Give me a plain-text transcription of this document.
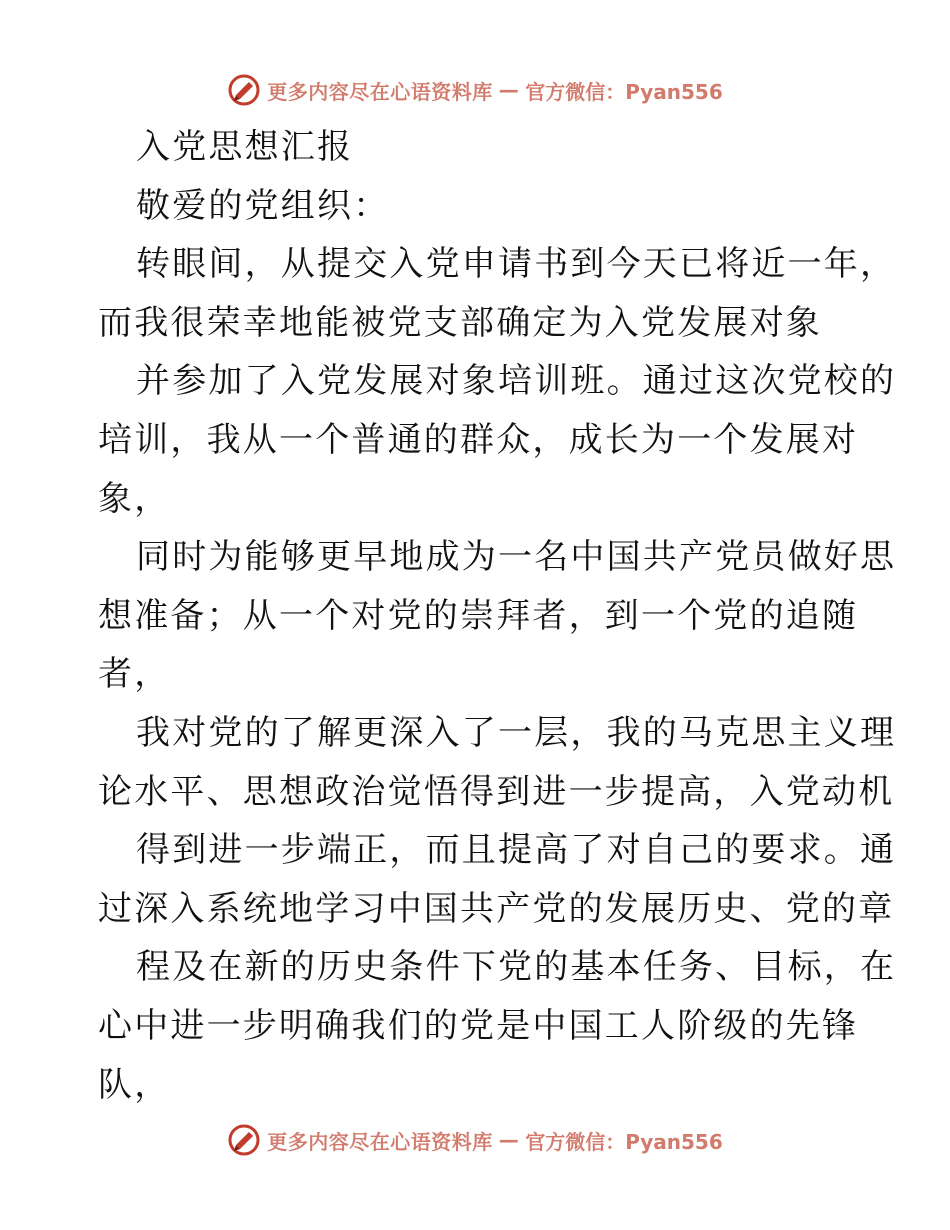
更多内容尽在心语资料库 — 官方微信：Pyan556
入党思想汇报
敬爱的党组织：
转眼间，从提交入党申请书到今天已将近一年，
而我很荣幸地能被党支部确定为入党发展对象
并参加了入党发展对象培训班。通过这次党校的
培训，我从一个普通的群众，成长为一个发展对
象，
同时为能够更早地成为一名中国共产党员做好思
想准备；从一个对党的崇拜者，到一个党的追随
者，
我对党的了解更深入了一层，我的马克思主义理
论水平、思想政治觉悟得到进一步提高，入党动机
得到进一步端正，而且提高了对自己的要求。通
过深入系统地学习中国共产党的发展历史、党的章
程及在新的历史条件下党的基本任务、目标，在
心中进一步明确我们的党是中国工人阶级的先锋
队，
更多内容尽在心语资料库 — 官方微信：Pyan556
